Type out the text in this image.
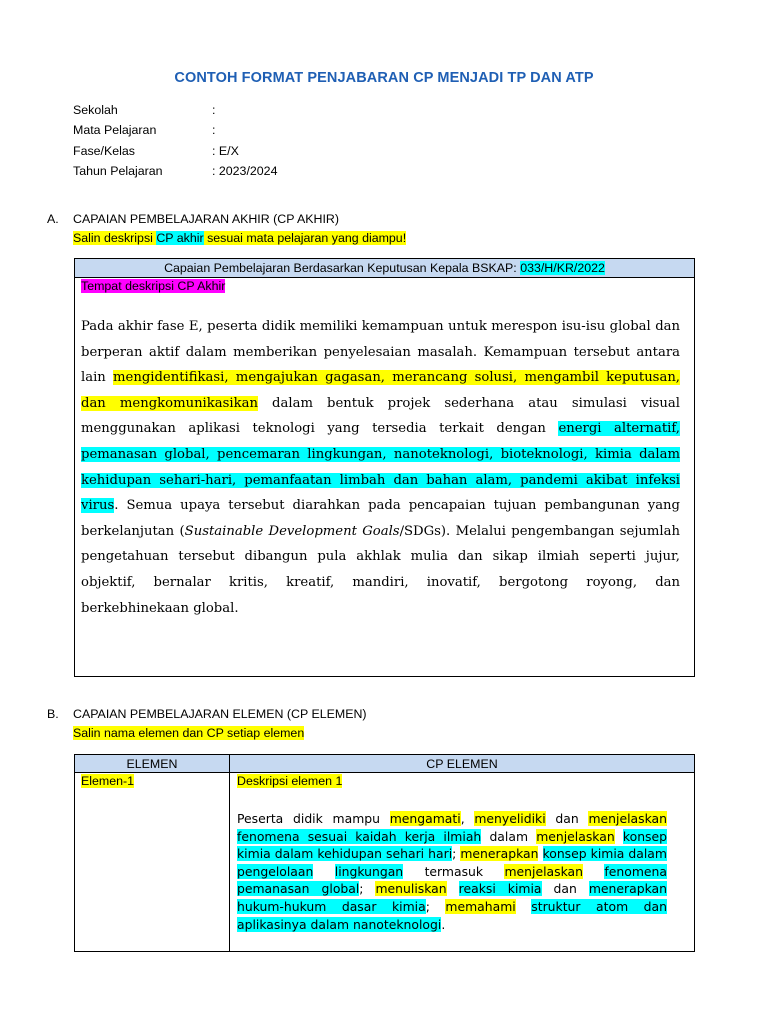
CONTOH FORMAT PENJABARAN CP MENJADI TP DAN ATP
Sekolah	:
Mata Pelajaran	:
Fase/Kelas	: E/X
Tahun Pelajaran	: 2023/2024
A. CAPAIAN PEMBELAJARAN AKHIR (CP AKHIR)
Salin deskripsi CP akhir sesuai mata pelajaran yang diampu!
Capaian Pembelajaran Berdasarkan Keputusan Kepala BSKAP: 033/H/KR/2022
Tempat deskripsi CP Akhir
Pada akhir fase E, peserta didik memiliki kemampuan untuk merespon isu-isu global dan berperan aktif dalam memberikan penyelesaian masalah. Kemampuan tersebut antara lain mengidentifikasi, mengajukan gagasan, merancang solusi, mengambil keputusan, dan mengkomunikasikan dalam bentuk projek sederhana atau simulasi visual menggunakan aplikasi teknologi yang tersedia terkait dengan energi alternatif, pemanasan global, pencemaran lingkungan, nanoteknologi, bioteknologi, kimia dalam kehidupan sehari-hari, pemanfaatan limbah dan bahan alam, pandemi akibat infeksi virus. Semua upaya tersebut diarahkan pada pencapaian tujuan pembangunan yang berkelanjutan (Sustainable Development Goals/SDGs). Melalui pengembangan sejumlah pengetahuan tersebut dibangun pula akhlak mulia dan sikap ilmiah seperti jujur, objektif, bernalar kritis, kreatif, mandiri, inovatif, bergotong royong, dan berkebhinekaan global.
B. CAPAIAN PEMBELAJARAN ELEMEN (CP ELEMEN)
Salin nama elemen dan CP setiap elemen
ELEMEN	CP ELEMEN
Elemen-1	Deskripsi elemen 1
Peserta didik mampu mengamati, menyelidiki dan menjelaskan fenomena sesuai kaidah kerja ilmiah dalam menjelaskan konsep kimia dalam kehidupan sehari hari; menerapkan konsep kimia dalam pengelolaan lingkungan termasuk menjelaskan fenomena pemanasan global; menuliskan reaksi kimia dan menerapkan hukum-hukum dasar kimia; memahami struktur atom dan aplikasinya dalam nanoteknologi.
